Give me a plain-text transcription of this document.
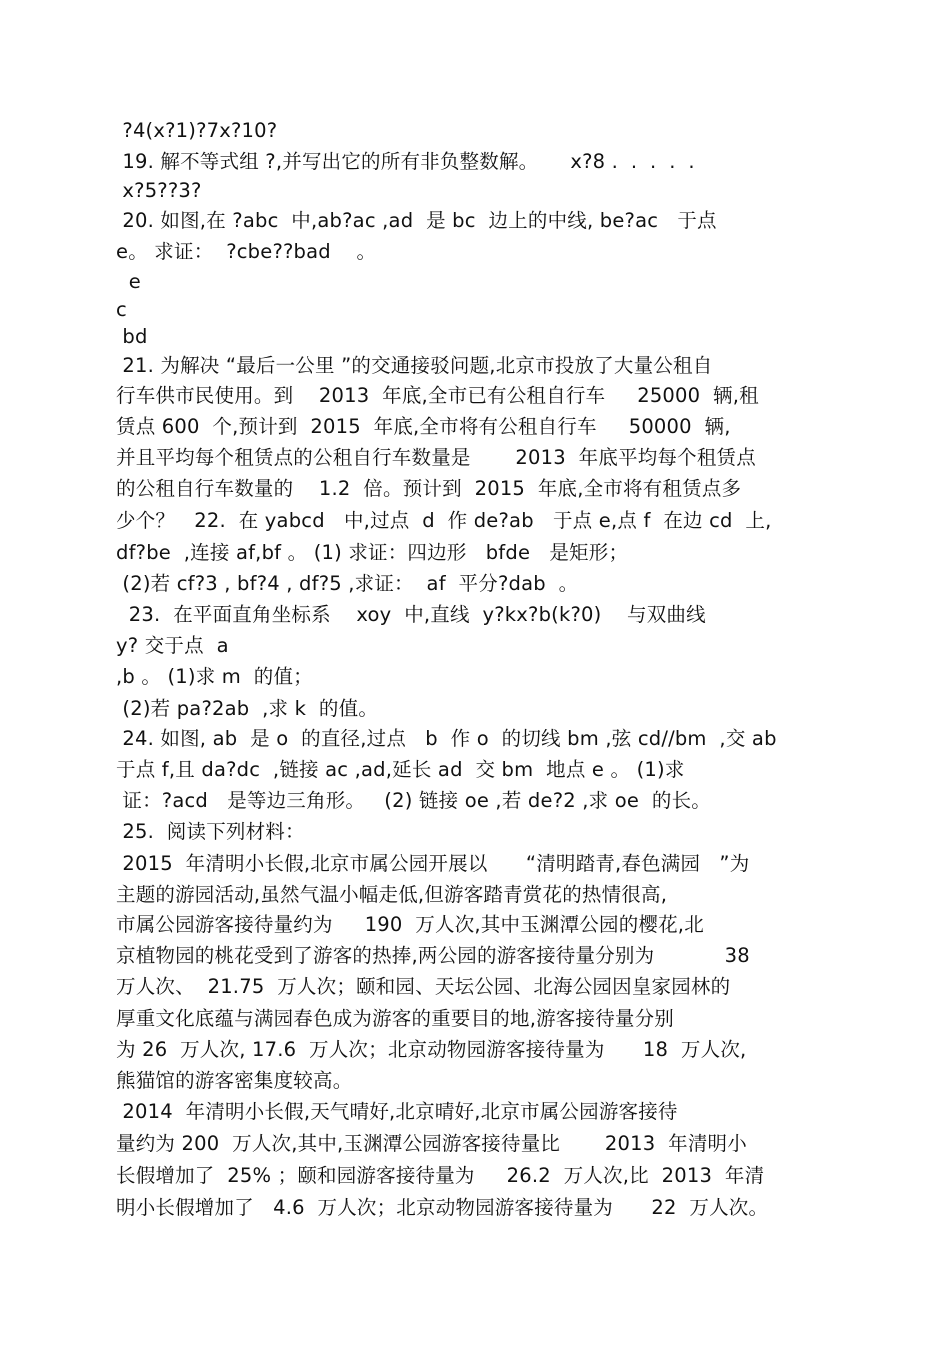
?4(x?1)?7x?10?
19. 解不等式组 ?,并写出它的所有非负整数解。     x?8 .  .  .  .  .
x?5??3?
20. 如图,在 ?abc  中,ab?ac ,ad  是 bc  边上的中线, be?ac   于点
e。 求证：  ?cbe??bad    。
e
c
bd
21. 为解决 “最后一公里 ”的交通接驳问题,北京市投放了大量公租自
行车供市民使用。到    2013  年底,全市已有公租自行车     25000  辆,租
赁点 600  个,预计到  2015  年底,全市将有公租自行车     50000  辆,
并且平均每个租赁点的公租自行车数量是       2013  年底平均每个租赁点
的公租自行车数量的    1.2  倍。预计到  2015  年底,全市将有租赁点多
少个？   22.  在 yabcd   中,过点  d  作 de?ab   于点 e,点 f  在边 cd  上,
df?be  ,连接 af,bf 。 (1) 求证：四边形   bfde   是矩形；
(2)若 cf?3 , bf?4 , df?5 ,求证：  af  平分?dab  。
23.  在平面直角坐标系    xoy  中,直线  y?kx?b(k?0)    与双曲线
y? 交于点  a
,b 。 (1)求 m  的值；
(2)若 pa?2ab  ,求 k  的值。
24. 如图, ab  是 o  的直径,过点   b  作 o  的切线 bm ,弦 cd//bm  ,交 ab
于点 f,且 da?dc  ,链接 ac ,ad,延长 ad  交 bm  地点 e 。 (1)求
证：?acd   是等边三角形。   (2) 链接 oe ,若 de?2 ,求 oe  的长。
25.  阅读下列材料：
2015  年清明小长假,北京市属公园开展以      “清明踏青,春色满园   ”为
主题的游园活动,虽然气温小幅走低,但游客踏青赏花的热情很高,
市属公园游客接待量约为     190  万人次,其中玉渊潭公园的樱花,北
京植物园的桃花受到了游客的热捧,两公园的游客接待量分别为           38
万人次、  21.75  万人次；颐和园、天坛公园、北海公园因皇家园林的
厚重文化底蕴与满园春色成为游客的重要目的地,游客接待量分别
为 26  万人次, 17.6  万人次；北京动物园游客接待量为      18  万人次,
熊猫馆的游客密集度较高。
2014  年清明小长假,天气晴好,北京晴好,北京市属公园游客接待
量约为 200  万人次,其中,玉渊潭公园游客接待量比       2013  年清明小
长假增加了  25% ；颐和园游客接待量为     26.2  万人次,比  2013  年清
明小长假增加了   4.6  万人次；北京动物园游客接待量为      22  万人次。
